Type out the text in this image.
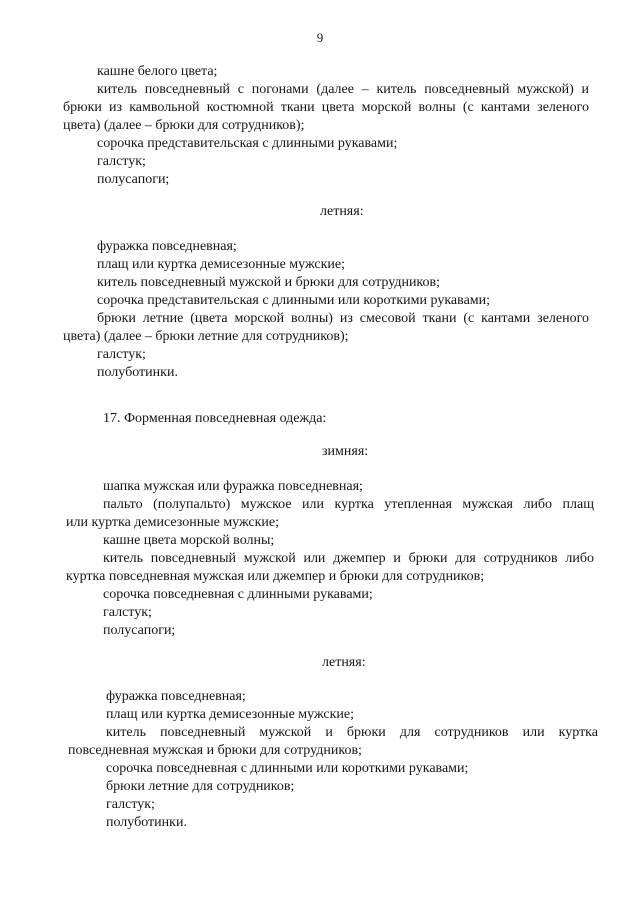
9
кашне белого цвета;
китель повседневный с погонами (далее – китель повседневный мужской) и
брюки из камвольной костюмной ткани цвета морской волны (с кантами зеленого
цвета) (далее – брюки для сотрудников);
сорочка представительская с длинными рукавами;
галстук;
полусапоги;
летняя:
фуражка повседневная;
плащ или куртка демисезонные мужские;
китель повседневный мужской и брюки для сотрудников;
сорочка представительская с длинными или короткими рукавами;
брюки летние (цвета морской волны) из смесовой ткани (с кантами зеленого
цвета) (далее – брюки летние для сотрудников);
галстук;
полуботинки.
17. Форменная повседневная одежда:
зимняя:
шапка мужская или фуражка повседневная;
пальто (полупальто) мужское или куртка утепленная мужская либо плащ
или куртка демисезонные мужские;
кашне цвета морской волны;
китель повседневный мужской или джемпер и брюки для сотрудников либо
куртка повседневная мужская или джемпер и брюки для сотрудников;
сорочка повседневная с длинными рукавами;
галстук;
полусапоги;
летняя:
фуражка повседневная;
плащ или куртка демисезонные мужские;
китель повседневный мужской и брюки для сотрудников или куртка
повседневная мужская и брюки для сотрудников;
сорочка повседневная с длинными или короткими рукавами;
брюки летние для сотрудников;
галстук;
полуботинки.
